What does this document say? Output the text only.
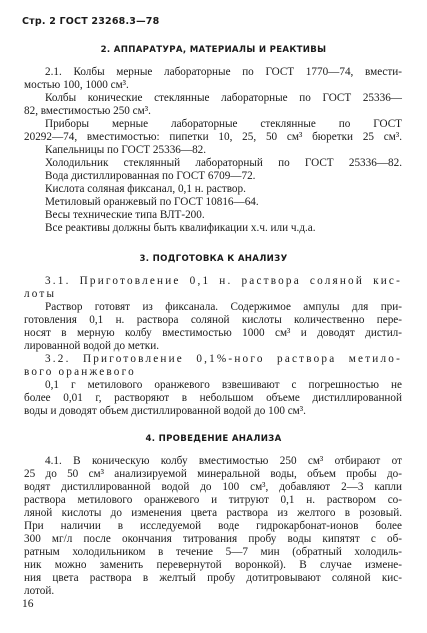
Стр. 2 ГОСТ 23268.3—78
2. АППАРАТУРА, МАТЕРИАЛЫ И РЕАКТИВЫ
2.1. Колбы мерные лабораторные по ГОСТ 1770—74, вмести-
мостью 100, 1000 см³.
Колбы конические стеклянные лабораторные по ГОСТ 25336—
82, вместимостью 250 см³.
Приборы мерные лабораторные стеклянные по ГОСТ
20292—74, вместимостью: пипетки 10, 25, 50 см³ бюретки 25 см³.
Капельницы по ГОСТ 25336—82.
Холодильник стеклянный лабораторный по ГОСТ 25336—82.
Вода дистиллированная по ГОСТ 6709—72.
Кислота соляная фиксанал, 0,1 н. раствор.
Метиловый оранжевый по ГОСТ 10816—64.
Весы технические типа ВЛТ-200.
Все реактивы должны быть квалификации х.ч. или ч.д.а.
3. ПОДГОТОВКА К АНАЛИЗУ
3.1. Приготовление 0,1 н. раствора соляной кис-
лоты
Раствор готовят из фиксанала. Содержимое ампулы для при-
готовления 0,1 н. раствора соляной кислоты количественно пере-
носят в мерную колбу вместимостью 1000 см³ и доводят дистил-
лированной водой до метки.
3.2. Приготовление 0,1%-ного раствора метило-
вого оранжевого
0,1 г метилового оранжевого взвешивают с погрешностью не
более 0,01 г, растворяют в небольшом объеме дистиллированной
воды и доводят объем дистиллированной водой до 100 см³.
4. ПРОВЕДЕНИЕ АНАЛИЗА
4.1. В коническую колбу вместимостью 250 см³ отбирают от
25 до 50 см³ анализируемой минеральной воды, объем пробы до-
водят дистиллированной водой до 100 см³, добавляют 2—3 капли
раствора метилового оранжевого и титруют 0,1 н. раствором со-
ляной кислоты до изменения цвета раствора из желтого в розовый.
При наличии в исследуемой воде гидрокарбонат-ионов более
300 мг/л после окончания титрования пробу воды кипятят с об-
ратным холодильником в течение 5—7 мин (обратный холодиль-
ник можно заменить перевернутой воронкой). В случае измене-
ния цвета раствора в желтый пробу дотитровывают соляной кис-
лотой.
16
